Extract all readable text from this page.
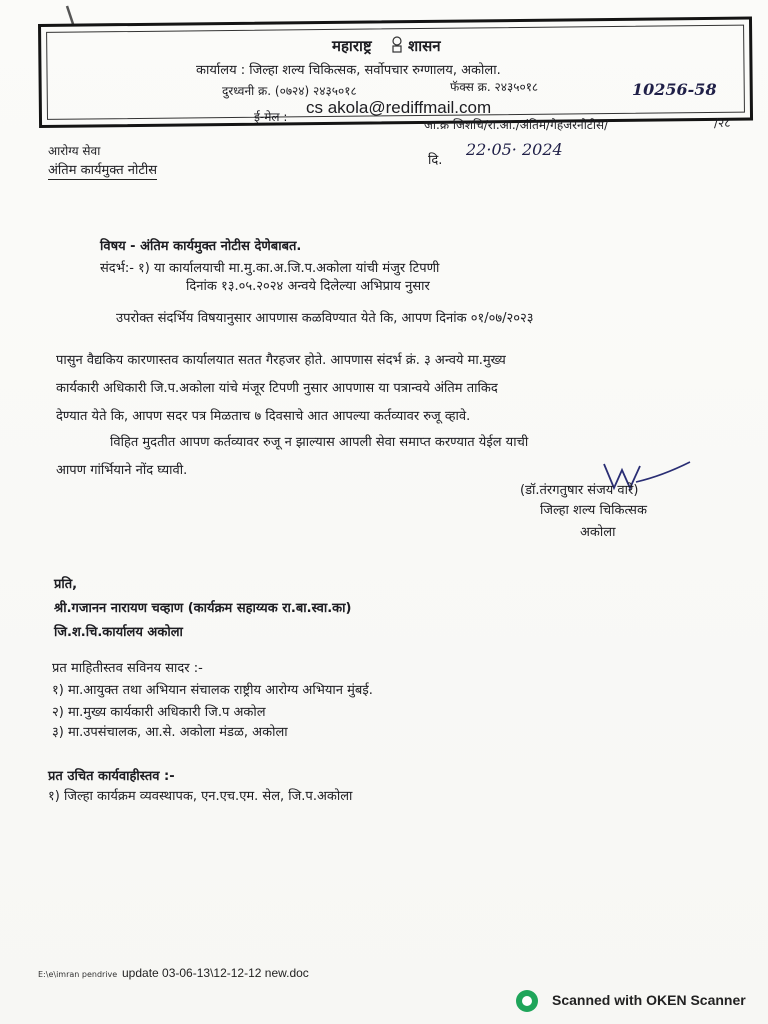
महाराष्ट्र शासन
कार्यालय : जिल्हा शल्य चिकित्सक, सर्वोपचार रुग्णालय, अकोला.
दुरध्वनी क्र. (०७२४) २४३५०१८	फॅक्स क्र. २४३५०१८	10256-58
ई-मेल : cs akola@rediffmail.com
जा.क्र जिशचि/रा.आ./अंतिम/गैहजरनोटीस/	/२८
आरोग्य सेवा
अंतिम कार्यमुक्त नोटीस
दि.
22·05· 2024
विषय - अंतिम कार्यमुक्त नोटीस देणेबाबत.
संदर्भ:- १) या कार्यालयाची मा.मु.का.अ.जि.प.अकोला यांची मंजुर टिपणी
दिनांक १३.०५.२०२४ अन्वये दिलेल्या अभिप्राय नुसार
उपरोक्त संदर्भिय विषयानुसार आपणास कळविण्यात येते कि, आपण दिनांक ०१/०७/२०२३
पासुन वैद्यकिय कारणास्तव कार्यालयात सतत गैरहजर होते. आपणास संदर्भ क्रं. ३ अन्वये मा.मुख्य
कार्यकारी अधिकारी जि.प.अकोला यांचे मंजूर टिपणी नुसार आपणास या पत्रान्वये अंतिम ताकिद
देण्यात येते कि, आपण सदर पत्र मिळताच ७ दिवसाचे आत आपल्या कर्तव्यावर रुजू व्हावे.
विहित मुदतीत आपण कर्तव्यावर रुजू न झाल्यास आपली सेवा समाप्त करण्यात येईल याची
आपण गांर्भियाने नोंद घ्यावी.
(डॉ.तंरगतुषार संजय वारे)
जिल्हा शल्य चिकित्सक
अकोला
प्रति,
श्री.गजानन नारायण चव्हाण (कार्यक्रम सहाय्यक रा.बा.स्वा.का)
जि.श.चि.कार्यालय अकोला
प्रत माहितीस्तव सविनय सादर :-
१) मा.आयुक्त तथा अभियान संचालक राष्ट्रीय आरोग्य अभियान मुंबई.
२) मा.मुख्य कार्यकारी अधिकारी जि.प अकोल
३) मा.उपसंचालक, आ.से. अकोला मंडळ, अकोला
प्रत उचित कार्यवाहीस्तव :-
१) जिल्हा कार्यक्रम व्यवस्थापक, एन.एच.एम. सेल, जि.प.अकोला
E:\e\imran pendrive update 03-06-13\12-12-12 new.doc
Scanned with OKEN Scanner
